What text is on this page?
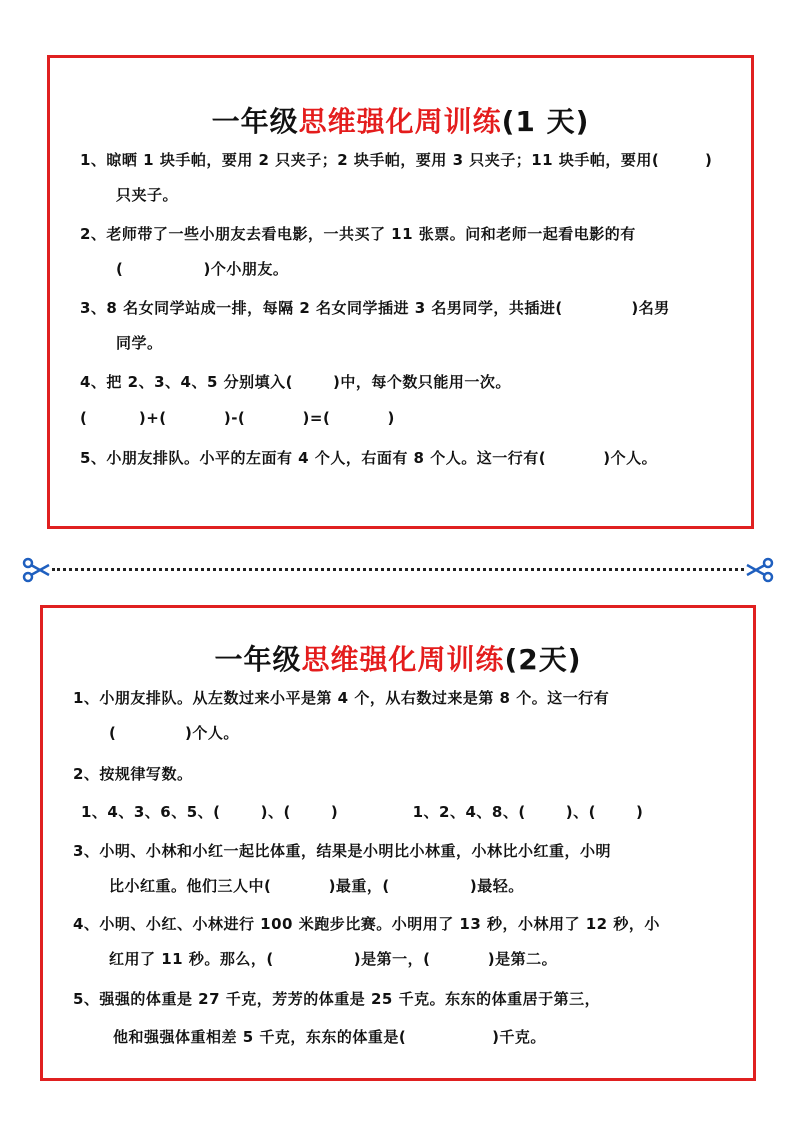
一年级思维强化周训练(1 天)
1、晾晒 1 块手帕，要用 2 只夹子；2 块手帕，要用 3 只夹子；11 块手帕，要用(        )
只夹子。
2、老师带了一些小朋友去看电影，一共买了 11 张票。问和老师一起看电影的有
(              )个小朋友。
3、8 名女同学站成一排，每隔 2 名女同学插进 3 名男同学，共插进(            )名男
同学。
4、把 2、3、4、5 分别填入(       )中，每个数只能用一次。
(         )+(          )-(          )=(          )
5、小朋友排队。小平的左面有 4 个人，右面有 8 个人。这一行有(          )个人。
一年级思维强化周训练(2天)
1、小朋友排队。从左数过来小平是第 4 个，从右数过来是第 8 个。这一行有
(            )个人。
2、按规律写数。
1、4、3、6、5、(       )、(       )             1、2、4、8、(       )、(       )
3、小明、小林和小红一起比体重，结果是小明比小林重，小林比小红重，小明
比小红重。他们三人中(          )最重，(              )最轻。
4、小明、小红、小林进行 100 米跑步比赛。小明用了 13 秒，小林用了 12 秒，小
红用了 11 秒。那么，(              )是第一，(          )是第二。
5、强强的体重是 27 千克，芳芳的体重是 25 千克。东东的体重居于第三，
他和强强体重相差 5 千克，东东的体重是(               )千克。
